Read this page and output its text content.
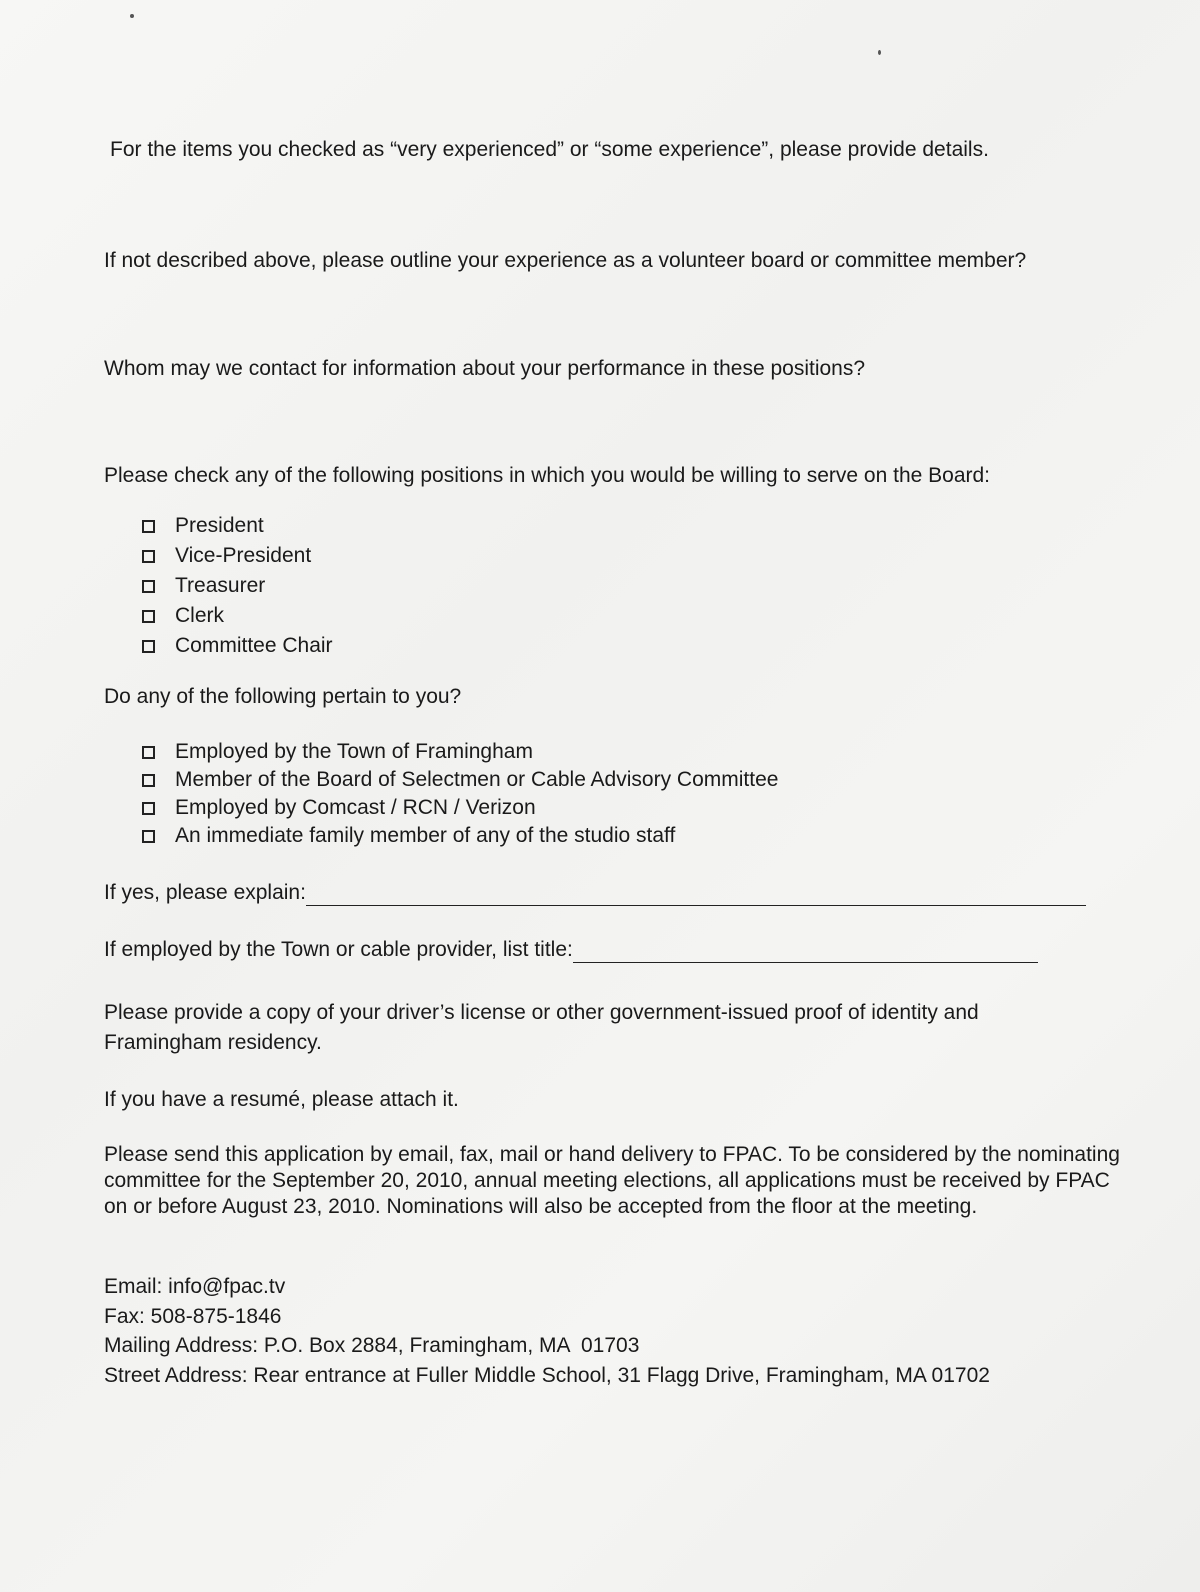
For the items you checked as “very experienced” or “some experience”, please provide details.
If not described above, please outline your experience as a volunteer board or committee member?
Whom may we contact for information about your performance in these positions?
Please check any of the following positions in which you would be willing to serve on the Board:
President
Vice-President
Treasurer
Clerk
Committee Chair
Do any of the following pertain to you?
Employed by the Town of Framingham
Member of the Board of Selectmen or Cable Advisory Committee
Employed by Comcast / RCN / Verizon
An immediate family member of any of the studio staff
If yes, please explain:
If employed by the Town or cable provider, list title:
Please provide a copy of your driver’s license or other government-issued proof of identity and Framingham residency.
If you have a resumé, please attach it.
Please send this application by email, fax, mail or hand delivery to FPAC. To be considered by the nominating committee for the September 20, 2010, annual meeting elections, all applications must be received by FPAC on or before August 23, 2010. Nominations will also be accepted from the floor at the meeting.
Email: info@fpac.tv
Fax: 508-875-1846
Mailing Address: P.O. Box 2884, Framingham, MA  01703
Street Address: Rear entrance at Fuller Middle School, 31 Flagg Drive, Framingham, MA 01702
